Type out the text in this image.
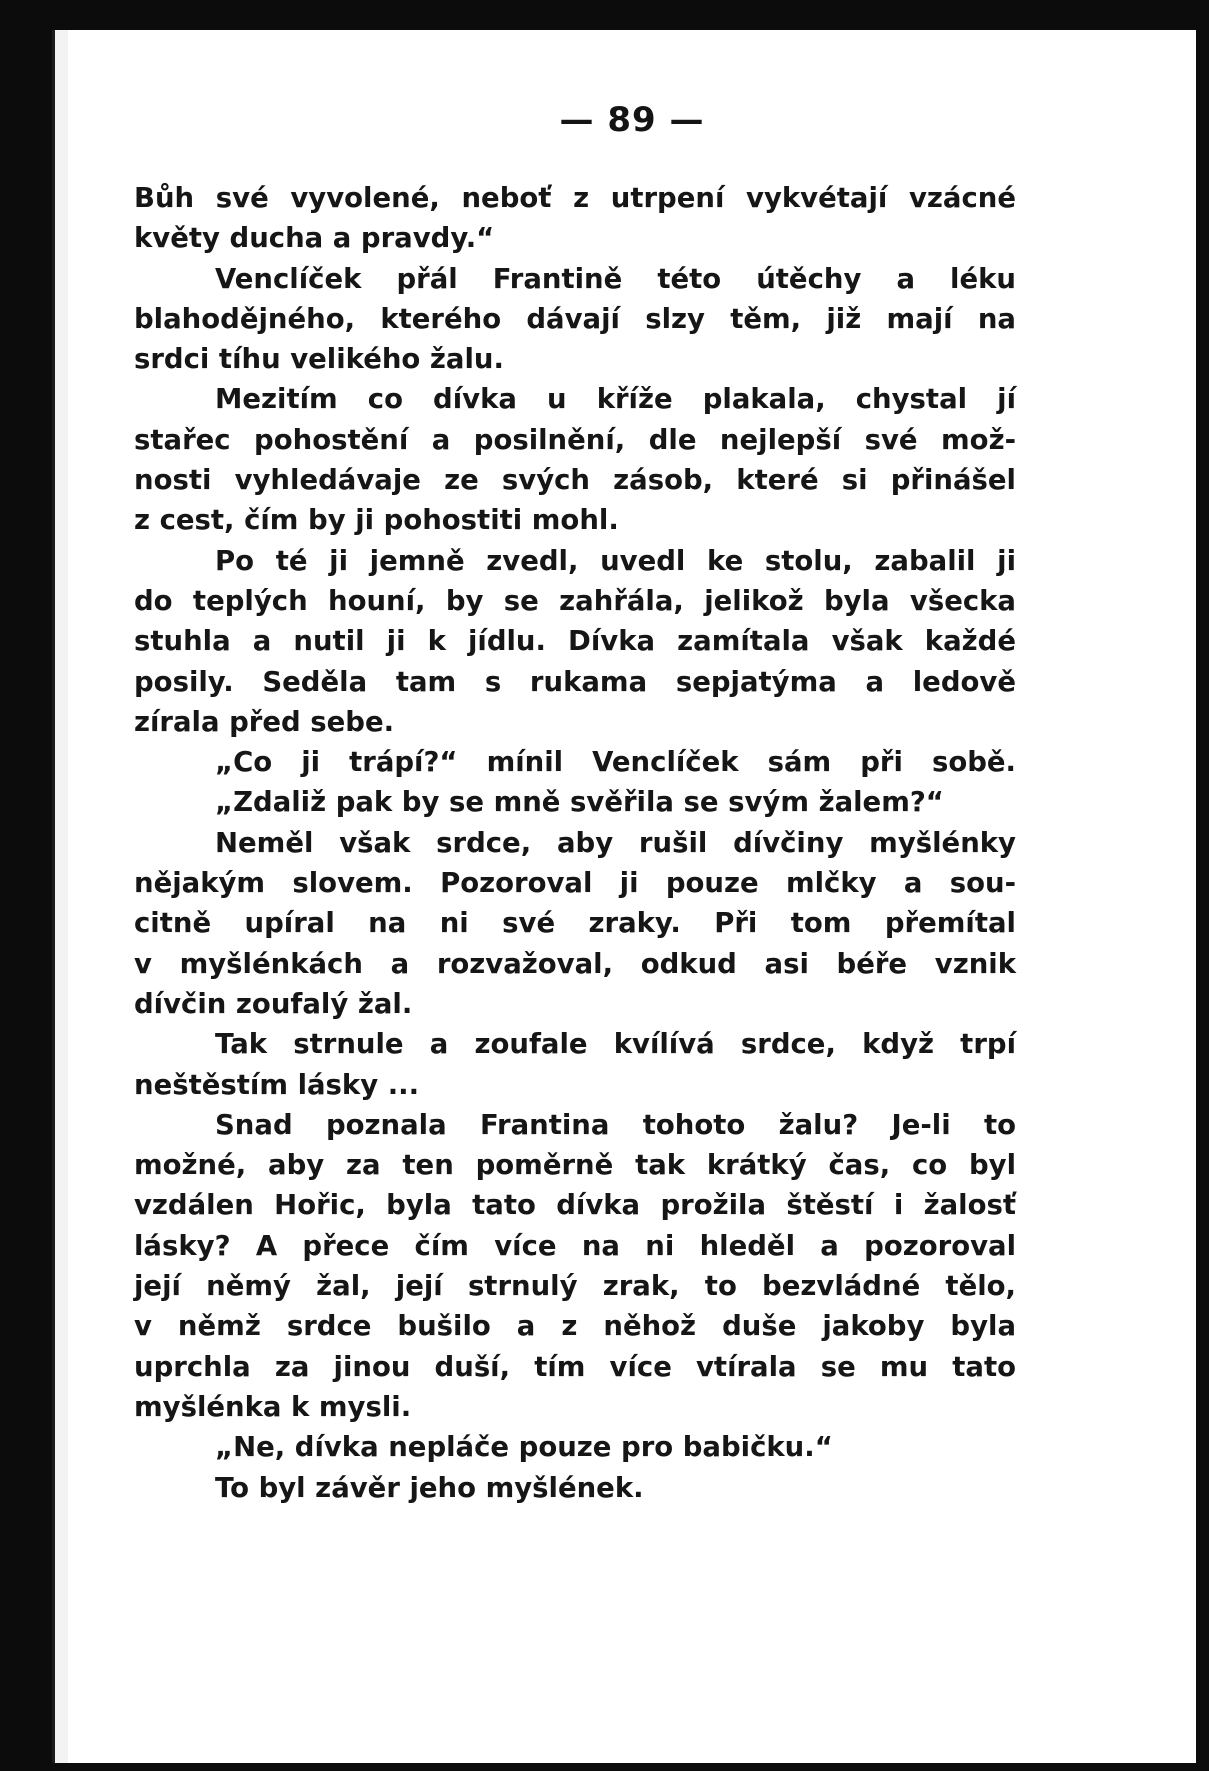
— 89 —
Bůh své vyvolené, neboť z utrpení vykvétají vzácné
květy ducha a pravdy.“
Venclíček přál Frantině této útěchy a léku
blahodějného, kterého dávají slzy těm, již mají na
srdci tíhu velikého žalu.
Mezitím co dívka u kříže plakala, chystal jí
stařec pohostění a posilnění, dle nejlepší své mož-
nosti vyhledávaje ze svých zásob, které si přinášel
z cest, čím by ji pohostiti mohl.
Po té ji jemně zvedl, uvedl ke stolu, zabalil ji
do teplých houní, by se zahřála, jelikož byla všecka
stuhla a nutil ji k jídlu. Dívka zamítala však každé
posily. Seděla tam s rukama sepjatýma a ledově
zírala před sebe.
„Co ji trápí?“ mínil Venclíček sám při sobě.
„Zdaliž pak by se mně svěřila se svým žalem?“
Neměl však srdce, aby rušil dívčiny myšlénky
nějakým slovem. Pozoroval ji pouze mlčky a sou-
citně upíral na ni své zraky. Při tom přemítal
v myšlénkách a rozvažoval, odkud asi béře vznik
dívčin zoufalý žal.
Tak strnule a zoufale kvílívá srdce, když trpí
neštěstím lásky ...
Snad poznala Frantina tohoto žalu? Je-li to
možné, aby za ten poměrně tak krátký čas, co byl
vzdálen Hořic, byla tato dívka prožila štěstí i žalosť
lásky? A přece čím více na ni hleděl a pozoroval
její němý žal, její strnulý zrak, to bezvládné tělo,
v němž srdce bušilo a z něhož duše jakoby byla
uprchla za jinou duší, tím více vtírala se mu tato
myšlénka k mysli.
„Ne, dívka nepláče pouze pro babičku.“
To byl závěr jeho myšlének.
